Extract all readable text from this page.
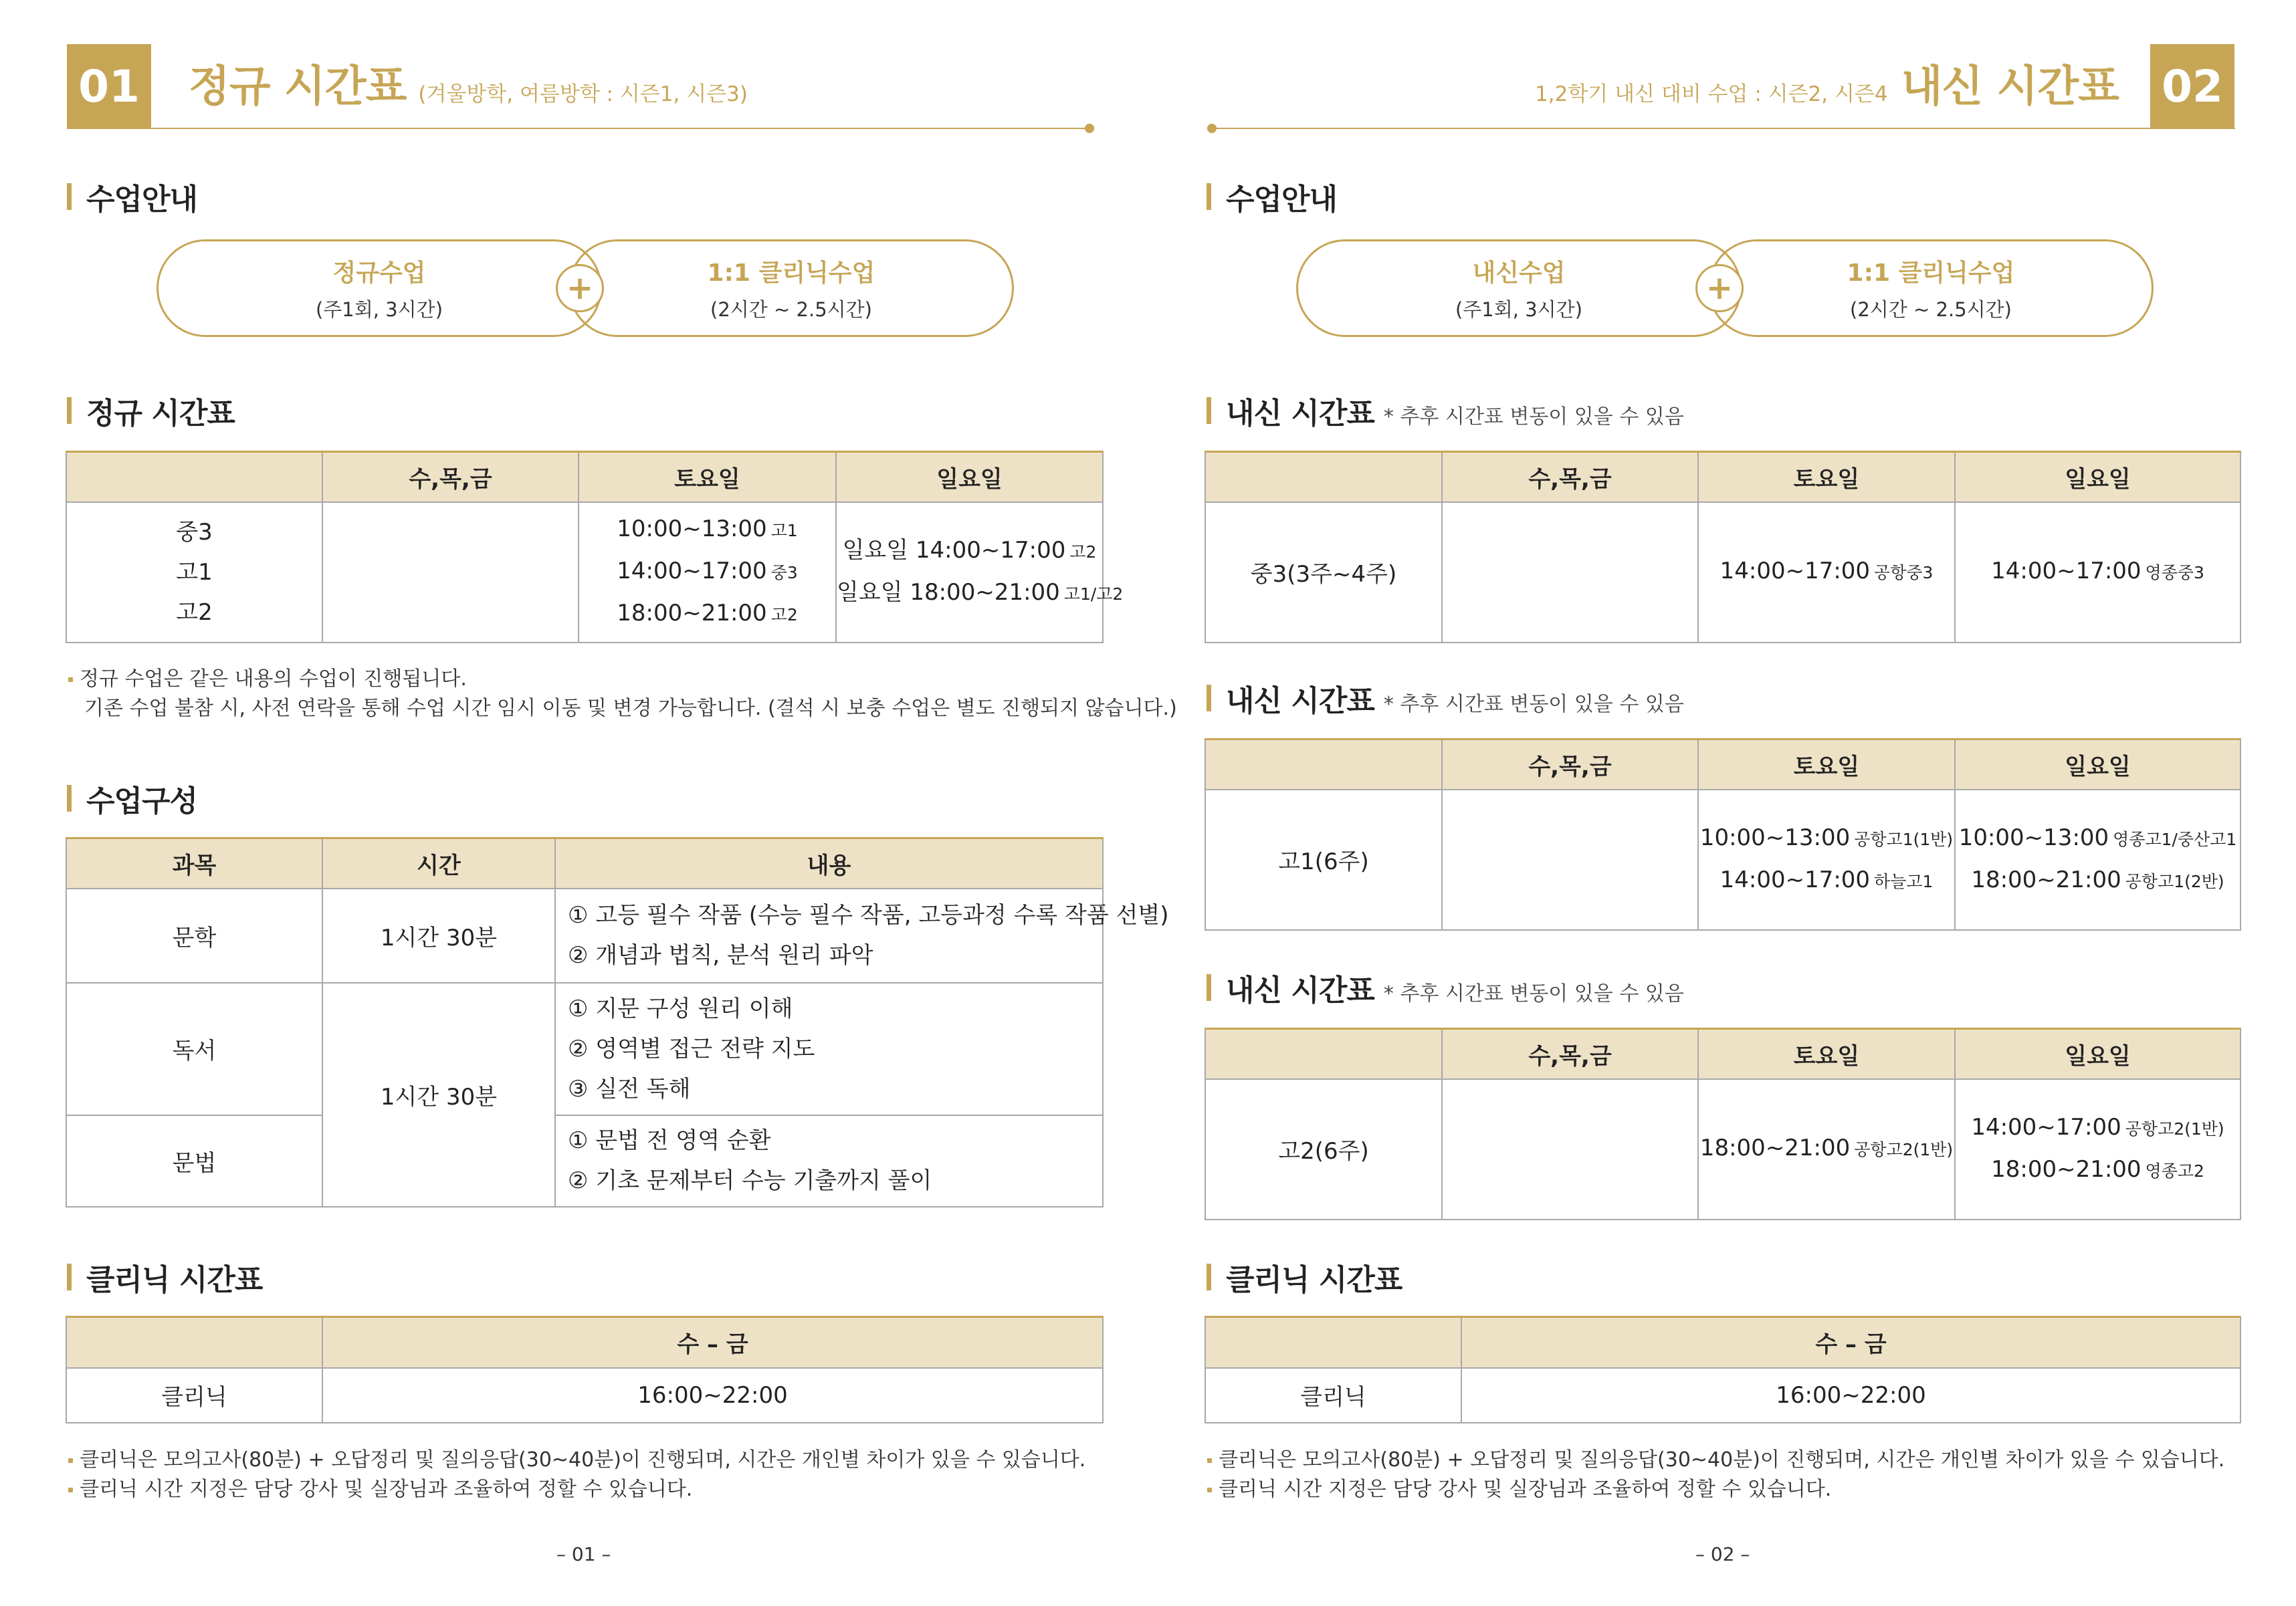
01 정규 시간표 (겨울방학, 여름방학 : 시즌1, 시즌3)
수업안내
정규수업
(주1회, 3시간)
1:1 클리닉수업
(2시간 ~ 2.5시간)
+
정규 시간표
	수,목,금	토요일	일요일

중3
고1
고2		10:00~13:00 고1
14:00~17:00 중3
18:00~21:00 고2	일요일 14:00~17:00 고2
일요일 18:00~21:00 고1/고2
정규 수업은 같은 내용의 수업이 진행됩니다.
기존 수업 불참 시, 사전 연락을 통해 수업 시간 임시 이동 및 변경 가능합니다. (결석 시 보충 수업은 별도 진행되지 않습니다.)
수업구성
과목	시간	내용
문학	1시간 30분	① 고등 필수 작품 (수능 필수 작품, 고등과정 수록 작품 선별)
② 개념과 법칙, 분석 원리 파악

독서	1시간 30분	① 지문 구성 원리 이해
② 영역별 접근 전략 지도
③ 실전 독해

문법		① 문법 전 영역 순환
② 기초 문제부터 수능 기출까지 풀이
클리닉 시간표
	수 – 금
클리닉	16:00~22:00
클리닉은 모의고사(80분) + 오답정리 및 질의응답(30~40분)이 진행되며, 시간은 개인별 차이가 있을 수 있습니다.
클리닉 시간 지정은 담당 강사 및 실장님과 조율하여 정할 수 있습니다.
– 01 –
02
1,2학기 내신 대비 수업 : 시즌2, 시즌4 내신 시간표
수업안내
내신수업
(주1회, 3시간)
1:1 클리닉수업
(2시간 ~ 2.5시간)
+
내신 시간표 * 추후 시간표 변동이 있을 수 있음
	수,목,금	토요일	일요일
중3(3주~4주)		14:00~17:00 공항중3	14:00~17:00 영종중3
내신 시간표 * 추후 시간표 변동이 있을 수 있음
	수,목,금	토요일	일요일
고1(6주)		10:00~13:00 공항고1(1반)
14:00~17:00 하늘고1	10:00~13:00 영종고1/중산고1
18:00~21:00 공항고1(2반)
내신 시간표 * 추후 시간표 변동이 있을 수 있음
	수,목,금	토요일	일요일
고2(6주)		18:00~21:00 공항고2(1반)	14:00~17:00 공항고2(1반)
18:00~21:00 영종고2
클리닉 시간표
	수 – 금
클리닉	16:00~22:00
클리닉은 모의고사(80분) + 오답정리 및 질의응답(30~40분)이 진행되며, 시간은 개인별 차이가 있을 수 있습니다.
클리닉 시간 지정은 담당 강사 및 실장님과 조율하여 정할 수 있습니다.
– 02 –
